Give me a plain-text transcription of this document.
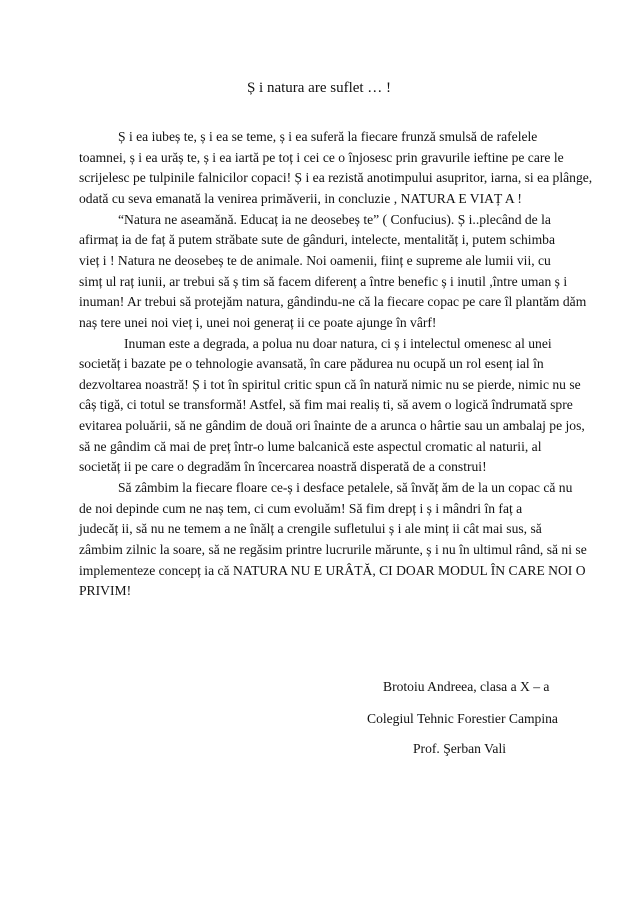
Ș i natura are suflet … !
Ș i ea iubeș te, ș i ea se teme, ș i ea suferă la fiecare frunză smulsă de rafelele
toamnei, ș i ea urăș te, ș i ea iartă pe toț i cei ce o înjosesc prin gravurile ieftine pe care le
scrijelesc pe tulpinile falnicilor copaci! Ș i ea rezistă anotimpului asupritor, iarna, si ea plânge,
odată cu seva emanată la venirea primăverii, in concluzie , NATURA E VIAȚ A !
“Natura ne aseamănă. Educaț ia ne deosebeș te” ( Confucius). Ș i..plecând de la
afirmaț ia de faț ă putem străbate sute de gânduri, intelecte, mentalităț i, putem schimba
vieț i ! Natura ne deosebeș te de animale. Noi oamenii, ființ e supreme ale lumii vii, cu
simț ul raț iunii, ar trebui să ș tim să facem diferenț a între benefic ș i inutil ,între uman ș i
inuman! Ar trebui să protejăm natura, gândindu-ne că la fiecare copac pe care îl plantăm dăm
naș tere unei noi vieț i, unei noi generaț ii ce poate ajunge în vârf!
Inuman este a degrada, a polua nu doar natura, ci ș i intelectul omenesc al unei
societăț i bazate pe o tehnologie avansată, în care pădurea nu ocupă un rol esenț ial în
dezvoltarea noastră! Ș i tot în spiritul critic spun că în natură nimic nu se pierde, nimic nu se
câș tigă, ci totul se transformă! Astfel, să fim mai realiș ti, să avem o logică îndrumată spre
evitarea poluării, să ne gândim de două ori înainte de a arunca o hârtie sau un ambalaj pe jos,
să ne gândim că mai de preț într-o lume balcanică este aspectul cromatic al naturii, al
societăț ii pe care o degradăm în încercarea noastră disperată de a construi!
Să zâmbim la fiecare floare ce-ș i desface petalele, să învăț ăm de la un copac că nu
de noi depinde cum ne naș tem, ci cum evoluăm! Să fim drepț i ș i mândri în faț a
judecăț ii, să nu ne temem a ne înălț a crengile sufletului ș i ale minț ii cât mai sus, să
zâmbim zilnic la soare, să ne regăsim printre lucrurile mărunte, ș i nu în ultimul rând, să ni se
implementeze concepț ia că NATURA NU E URÂTĂ, CI DOAR MODUL ÎN CARE NOI O
PRIVIM!
Brotoiu Andreea, clasa a X – a
Colegiul Tehnic Forestier Campina
Prof. Şerban Vali
